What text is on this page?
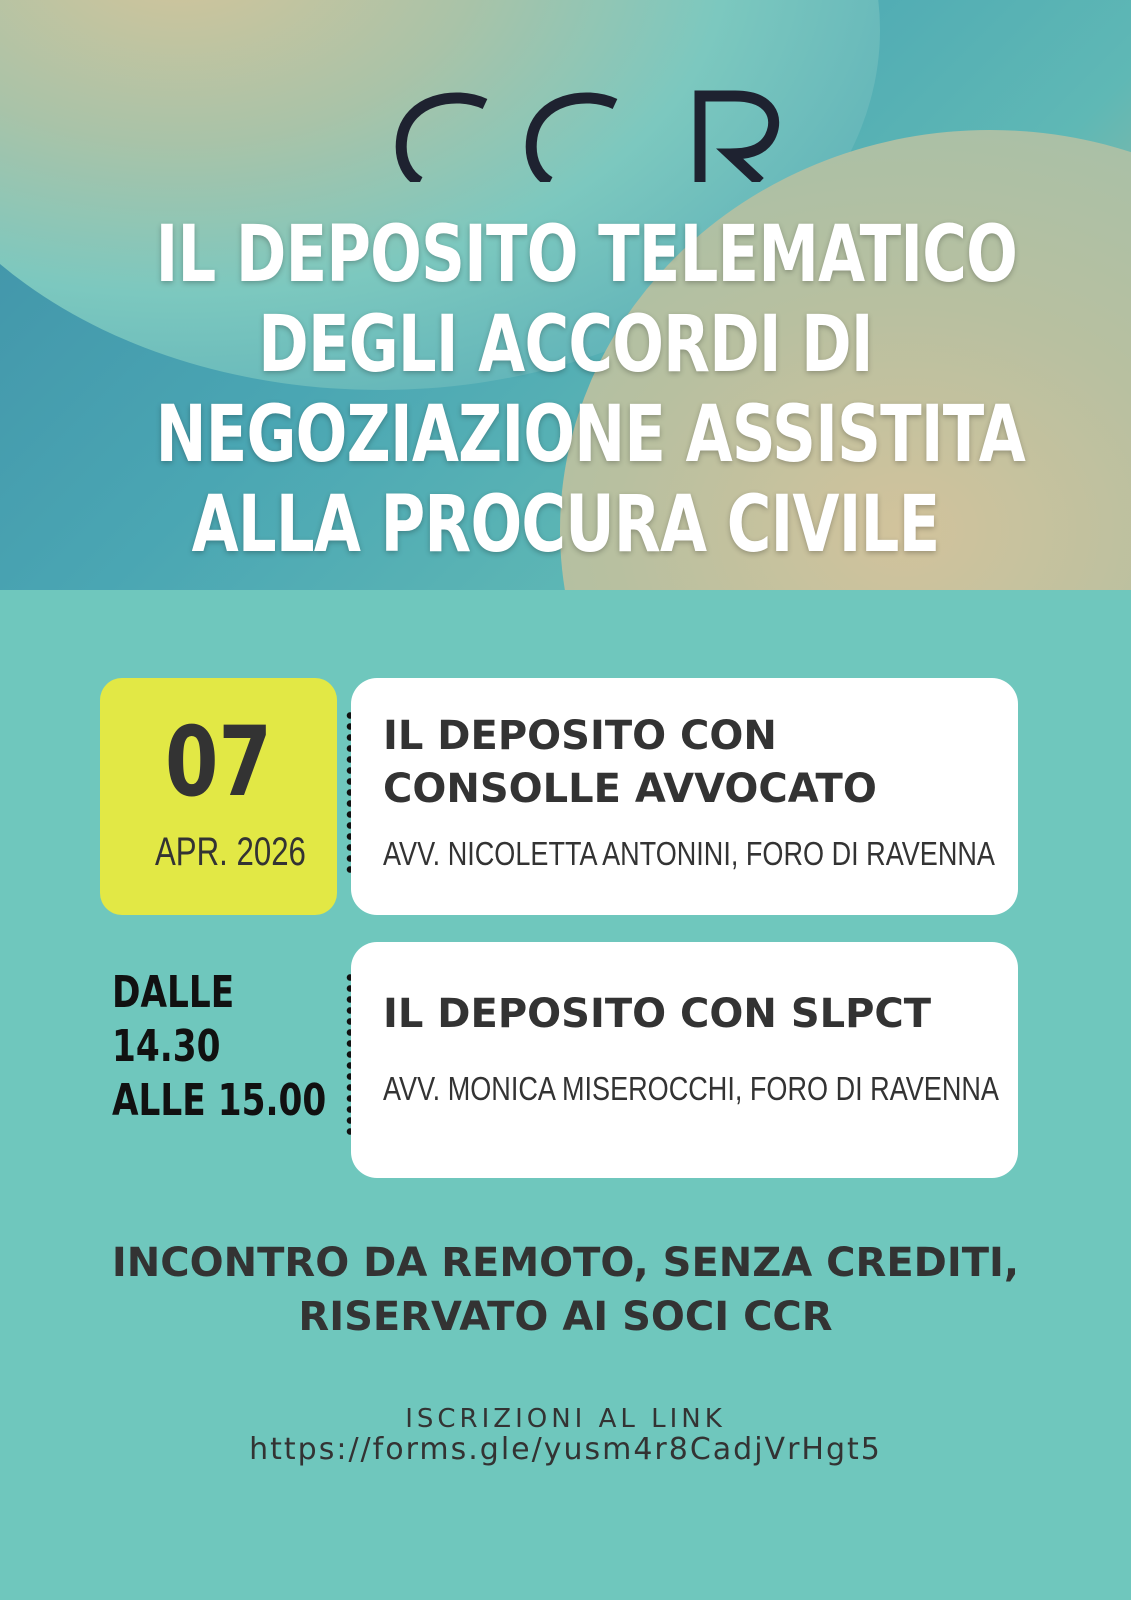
IL DEPOSITO TELEMATICO
DEGLI ACCORDI DI
NEGOZIAZIONE ASSISTITA
ALLA PROCURA CIVILE
07
APR. 2026
DALLE
14.30
ALLE 15.00
IL DEPOSITO CON
CONSOLLE AVVOCATO
AVV. NICOLETTA ANTONINI, FORO DI RAVENNA
IL DEPOSITO CON SLPCT
AVV. MONICA MISEROCCHI, FORO DI RAVENNA
INCONTRO DA REMOTO, SENZA CREDITI,
RISERVATO AI SOCI CCR
ISCRIZIONI AL LINK
https://forms.gle/yusm4r8CadjVrHgt5
